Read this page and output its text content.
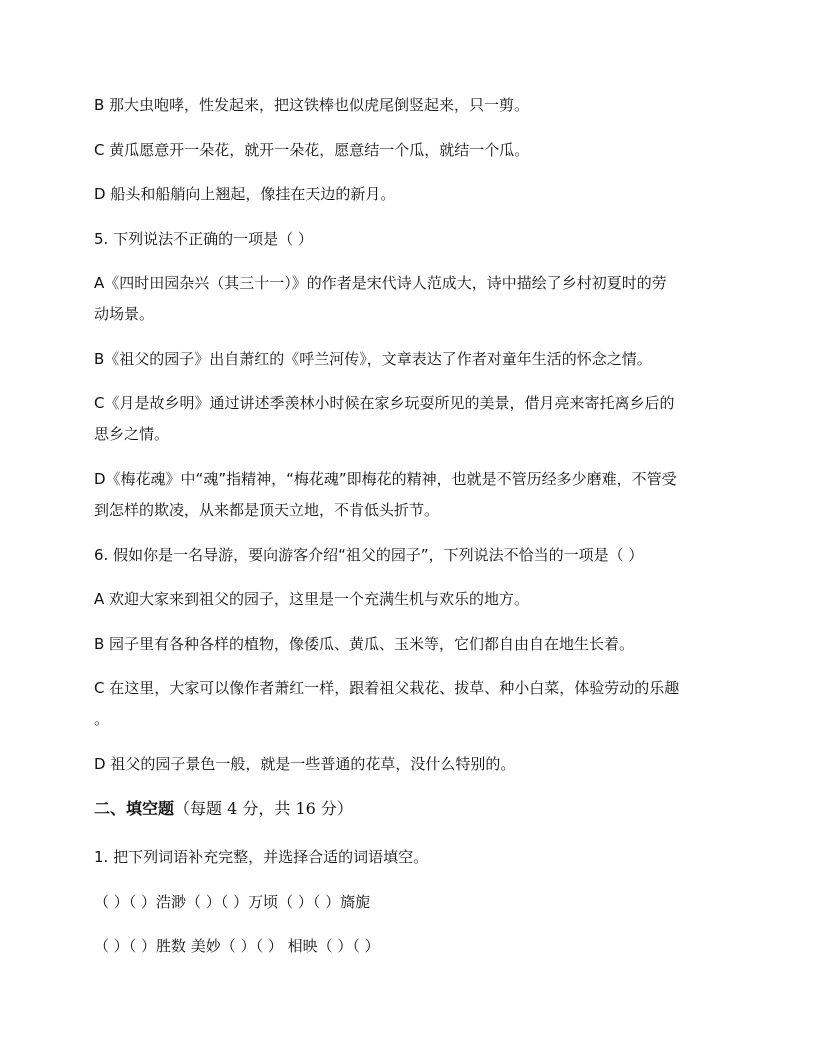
B 那大虫咆哮，性发起来，把这铁棒也似虎尾倒竖起来，只一剪。

C 黄瓜愿意开一朵花，就开一朵花，愿意结一个瓜，就结一个瓜。

D 船头和船艄向上翘起，像挂在天边的新月。

5. 下列说法不正确的一项是（ ）

A《四时田园杂兴（其三十一）》的作者是宋代诗人范成大，诗中描绘了乡村初夏时的劳

动场景。

B《祖父的园子》出自萧红的《呼兰河传》，文章表达了作者对童年生活的怀念之情。

C《月是故乡明》通过讲述季羡林小时候在家乡玩耍所见的美景，借月亮来寄托离乡后的

思乡之情。

D《梅花魂》中“魂”指精神，“梅花魂”即梅花的精神，也就是不管历经多少磨难，不管受

到怎样的欺凌，从来都是顶天立地，不肯低头折节。

6. 假如你是一名导游，要向游客介绍“祖父的园子”，下列说法不恰当的一项是（ ）

A 欢迎大家来到祖父的园子，这里是一个充满生机与欢乐的地方。

B 园子里有各种各样的植物，像倭瓜、黄瓜、玉米等，它们都自由自在地生长着。

C 在这里，大家可以像作者萧红一样，跟着祖父栽花、拔草、种小白菜，体验劳动的乐趣

。

D 祖父的园子景色一般，就是一些普通的花草，没什么特别的。

二、填空题（每题 4 分，共 16 分）

1. 把下列词语补充完整，并选择合适的词语填空。

（ ）（ ）浩渺（ ）（ ）万顷（ ）（ ）旖旎

（ ）（ ）胜数 美妙（ ）（ ） 相映（ ）（ ）
